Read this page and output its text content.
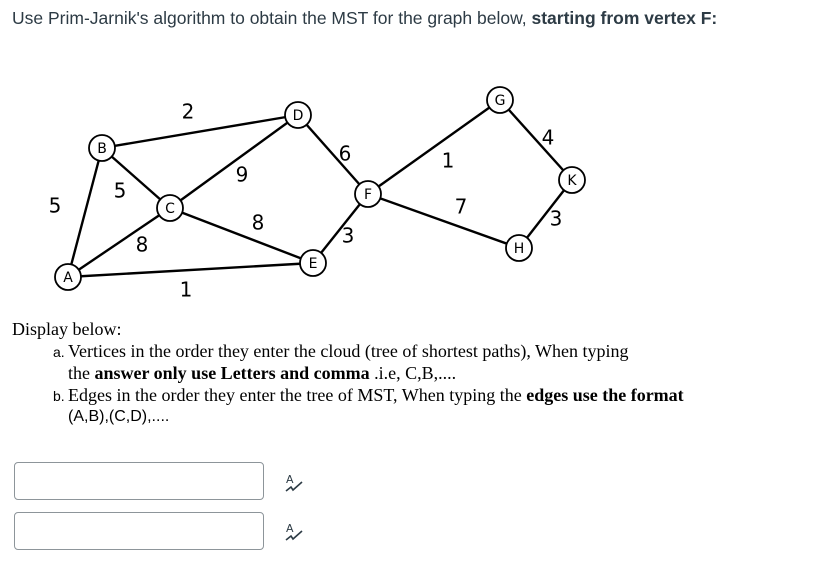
Use Prim-Jarnik's algorithm to obtain the MST for the graph below, starting from vertex F:
5
8
1
5
2
9
8
6
3
1
7
4
3
A
B
C
D
E
F
G
H
K
Display below:
a. Vertices in the order they enter the cloud (tree of shortest paths), When typing
the answer only use Letters and comma .i.e, C,B,....
b. Edges in the order they enter the tree of MST, When typing the edges use the format
(A,B),(C,D),....
A
A
